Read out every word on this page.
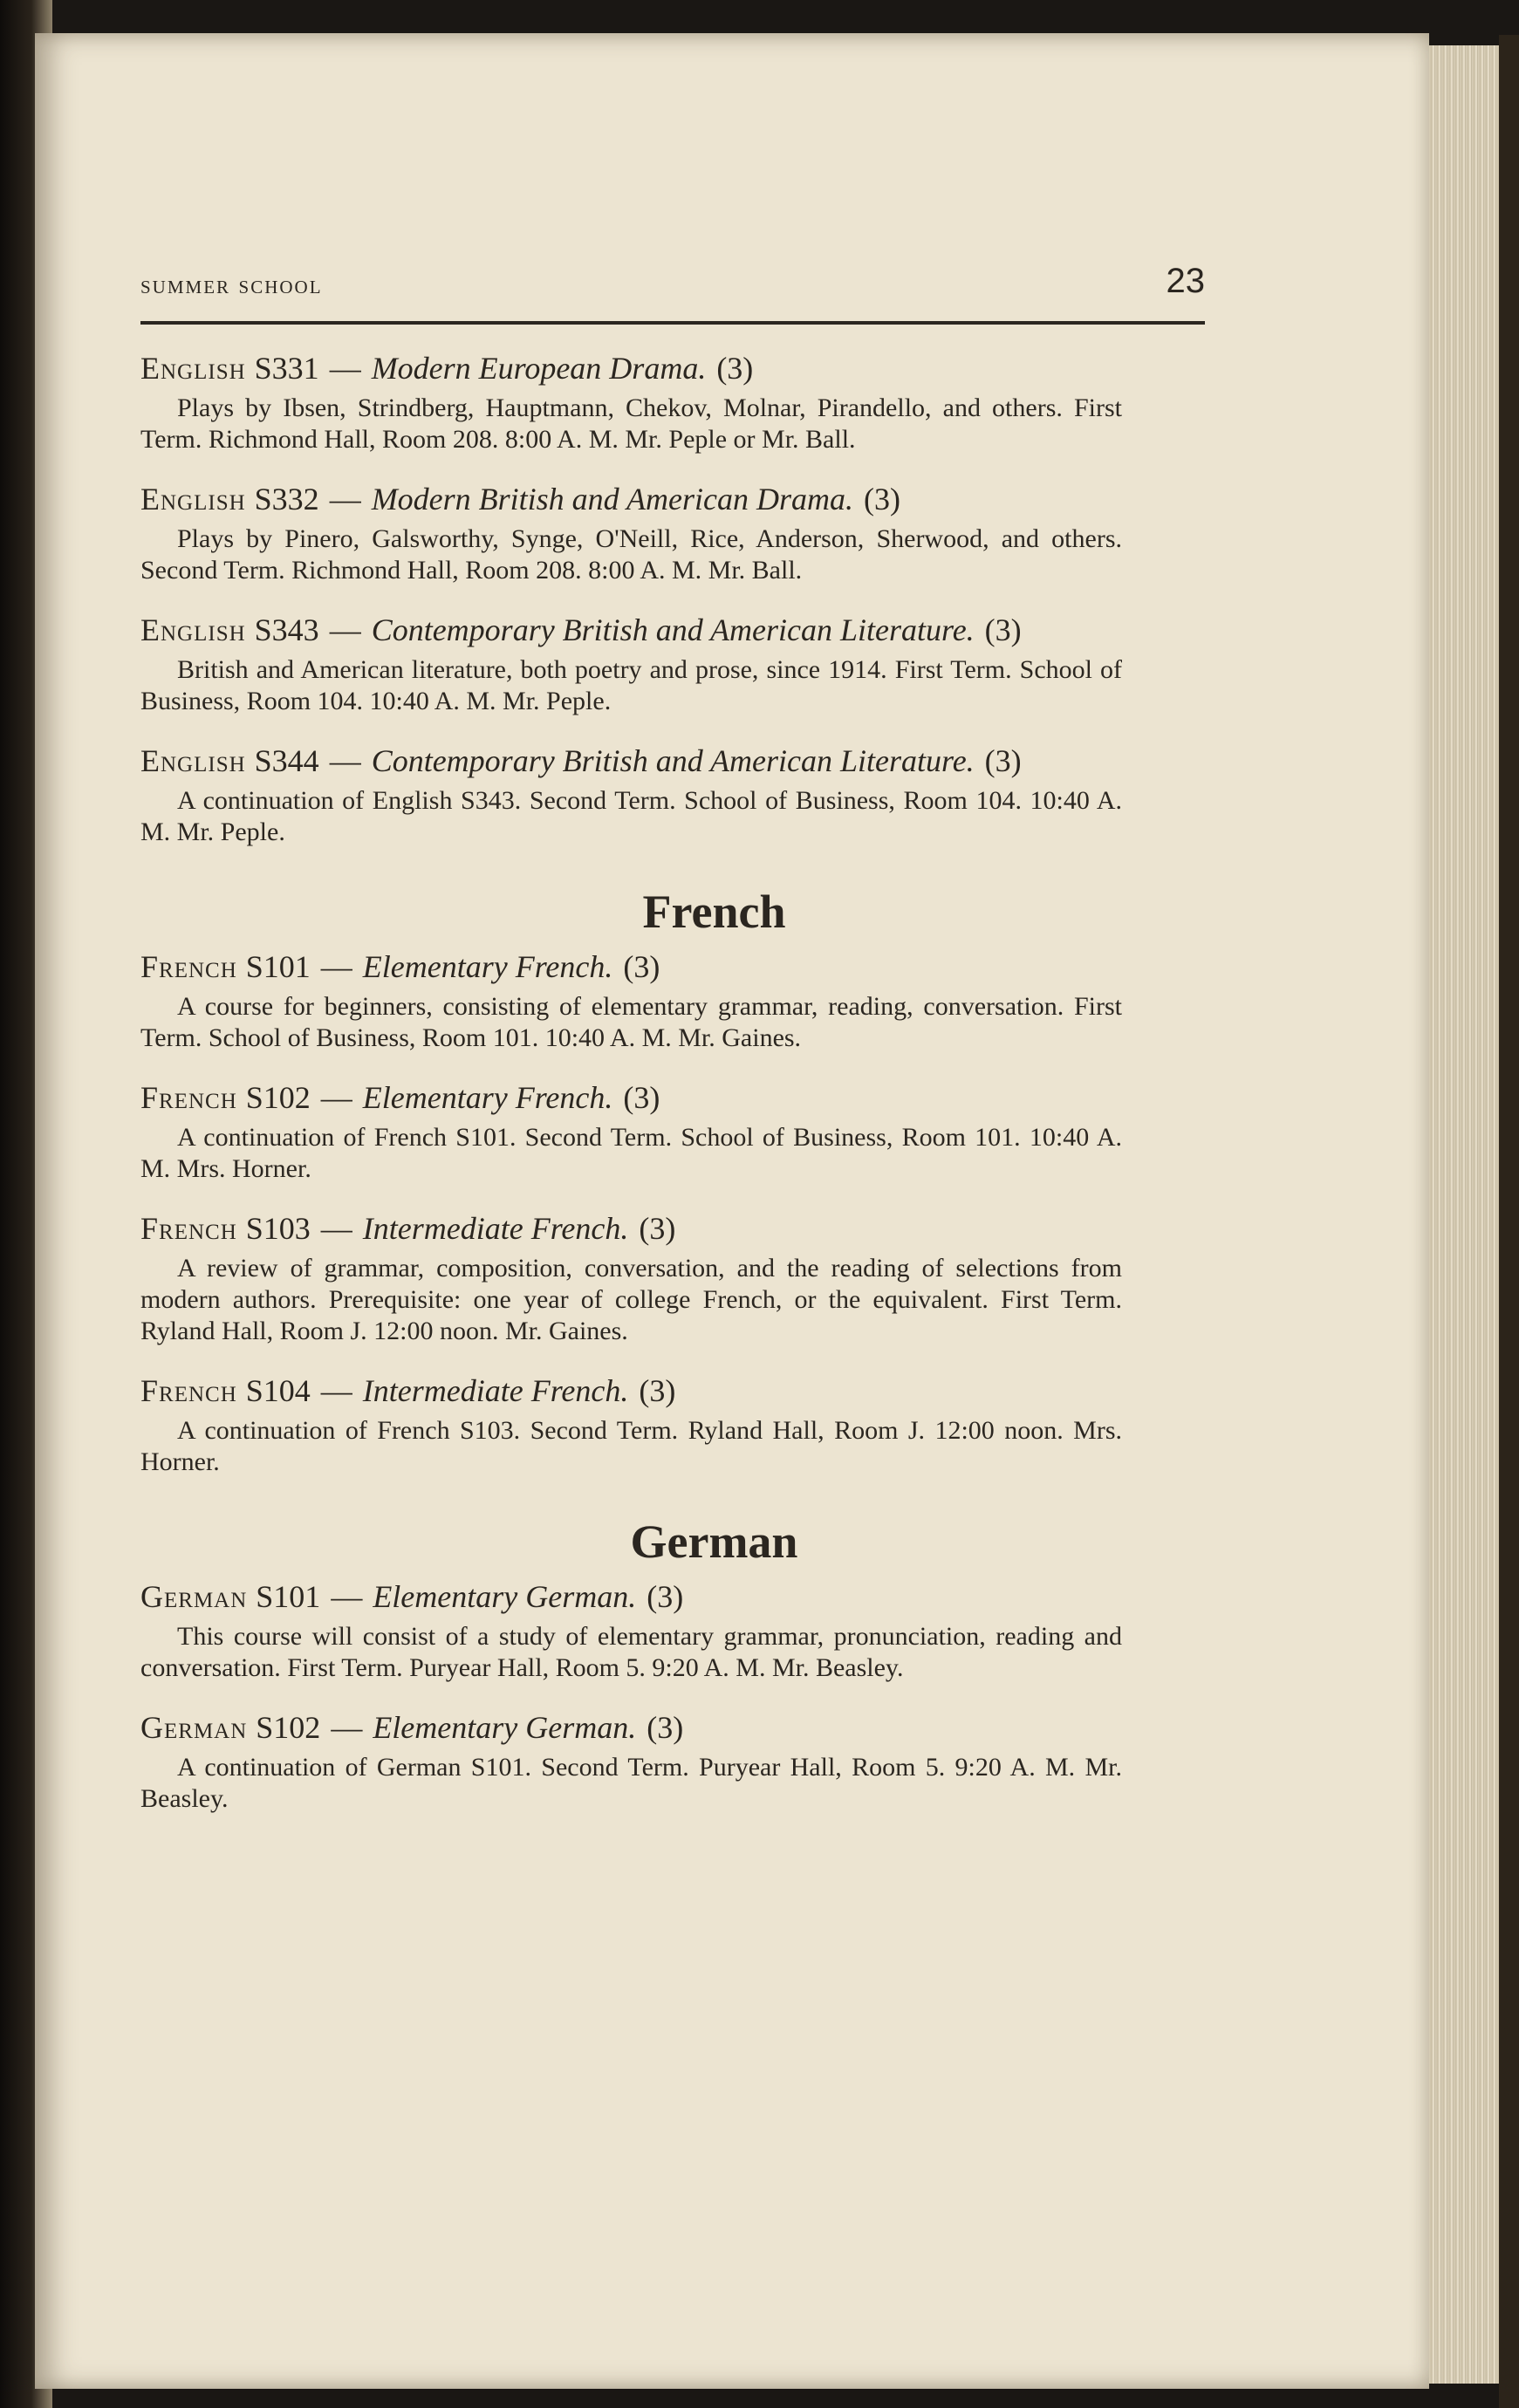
summer school	23
English S331 — Modern European Drama. (3)

Plays by Ibsen, Strindberg, Hauptmann, Chekov, Molnar, Pirandello, and others. First Term. Richmond Hall, Room 208. 8:00 A. M. Mr. Peple or Mr. Ball.

English S332 — Modern British and American Drama. (3)

Plays by Pinero, Galsworthy, Synge, O'Neill, Rice, Anderson, Sherwood, and others. Second Term. Richmond Hall, Room 208. 8:00 A. M. Mr. Ball.

English S343 — Contemporary British and American Literature. (3)

British and American literature, both poetry and prose, since 1914. First Term. School of Business, Room 104. 10:40 A. M. Mr. Peple.

English S344 — Contemporary British and American Literature. (3)

A continuation of English S343. Second Term. School of Business, Room 104. 10:40 A. M. Mr. Peple.

French
French S101 — Elementary French. (3)

A course for beginners, consisting of elementary grammar, reading, conversation. First Term. School of Business, Room 101. 10:40 A. M. Mr. Gaines.

French S102 — Elementary French. (3)

A continuation of French S101. Second Term. School of Business, Room 101. 10:40 A. M. Mrs. Horner.

French S103 — Intermediate French. (3)

A review of grammar, composition, conversation, and the reading of selections from modern authors. Prerequisite: one year of college French, or the equivalent. First Term. Ryland Hall, Room J. 12:00 noon. Mr. Gaines.

French S104 — Intermediate French. (3)

A continuation of French S103. Second Term. Ryland Hall, Room J. 12:00 noon. Mrs. Horner.

German
German S101 — Elementary German. (3)

This course will consist of a study of elementary grammar, pronunciation, reading and conversation. First Term. Puryear Hall, Room 5. 9:20 A. M. Mr. Beasley.

German S102 — Elementary German. (3)

A continuation of German S101. Second Term. Puryear Hall, Room 5. 9:20 A. M. Mr. Beasley.
